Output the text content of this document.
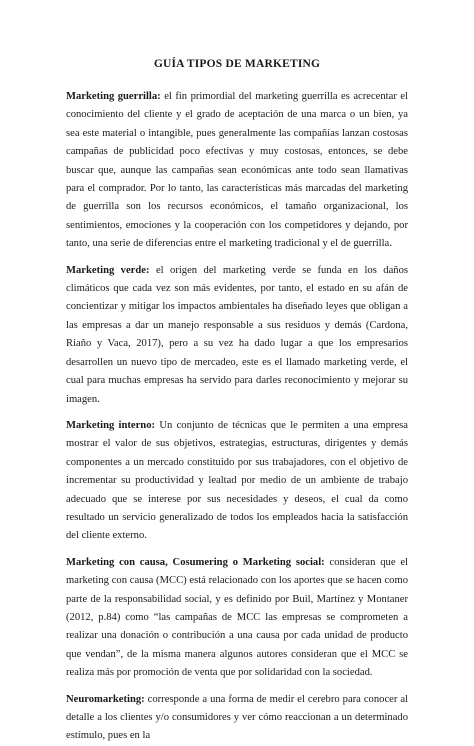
GUÍA TIPOS DE MARKETING

Marketing guerrilla: el fin primordial del marketing guerrilla es acrecentar el conocimiento del cliente y el grado de aceptación de una marca o un bien, ya sea este material o intangible, pues generalmente las compañías lanzan costosas campañas de publicidad poco efectivas y muy costosas, entonces, se debe buscar que, aunque las campañas sean económicas ante todo sean llamativas para el comprador. Por lo tanto, las características más marcadas del marketing de guerrilla son los recursos económicos, el tamaño organizacional, los sentimientos, emociones y la cooperación con los competidores y dejando, por tanto, una serie de diferencias entre el marketing tradicional y el de guerrilla.

Marketing verde: el origen del marketing verde se funda en los daños climáticos que cada vez son más evidentes, por tanto, el estado en su afán de concientizar y mitigar los impactos ambientales ha diseñado leyes que obligan a las empresas a dar un manejo responsable a sus residuos y demás (Cardona, Riaño y Vaca, 2017), pero a su vez ha dado lugar a que los empresarios desarrollen un nuevo tipo de mercadeo, este es el llamado marketing verde, el cual para muchas empresas ha servido para darles reconocimiento y mejorar su imagen.

Marketing interno: Un conjunto de técnicas que le permiten a una empresa mostrar el valor de sus objetivos, estrategias, estructuras, dirigentes y demás componentes a un mercado constituido por sus trabajadores, con el objetivo de incrementar su productividad y lealtad por medio de un ambiente de trabajo adecuado que se interese por sus necesidades y deseos, el cual da como resultado un servicio generalizado de todos los empleados hacia la satisfacción del cliente externo.

Marketing con causa, Cosumering o Marketing social: consideran que el marketing con causa (MCC) está relacionado con los aportes que se hacen como parte de la responsabilidad social, y es definido por Buil, Martínez y Montaner (2012, p.84) como “las campañas de MCC las empresas se comprometen a realizar una donación o contribución a una causa por cada unidad de producto que vendan”, de la misma manera algunos autores consideran que el MCC se realiza más por promoción de venta que por solidaridad con la sociedad.

Neuromarketing: corresponde a una forma de medir el cerebro para conocer al detalle a los clientes y/o consumidores y ver cómo reaccionan a un determinado estímulo, pues en la
